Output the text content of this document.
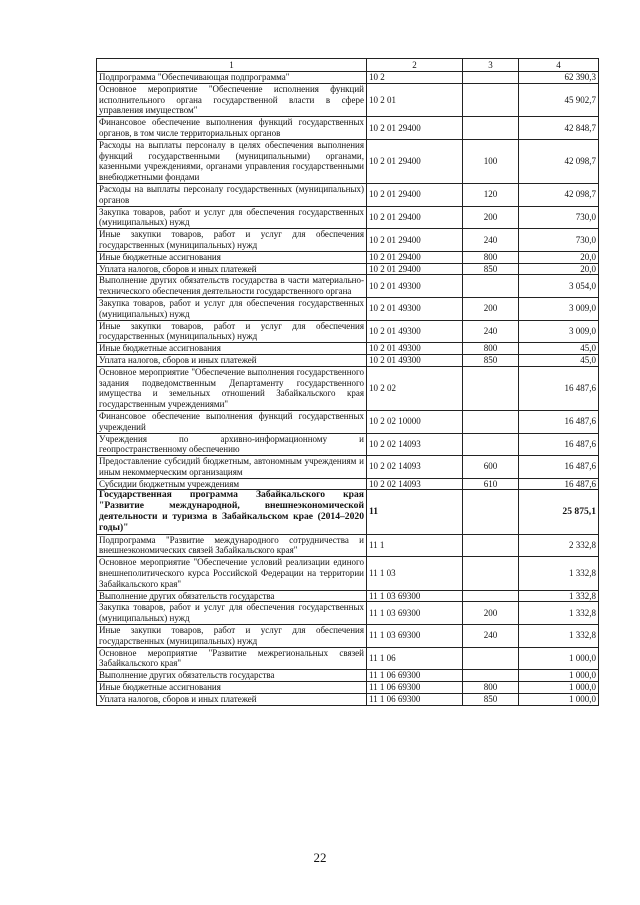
1	2	3	4
Подпрограмма "Обеспечивающая подпрограмма"	10 2		62 390,3
Основное мероприятие "Обеспечение исполнения функций исполнительного органа государственной власти в сфере управления имуществом"	10 2 01		45 902,7
Финансовое обеспечение выполнения функций государственных органов, в том числе территориальных органов	10 2 01 29400		42 848,7
Расходы на выплаты персоналу в целях обеспечения выполнения функций государственными (муниципальными) органами, казенными учреждениями, органами управления государственными внебюджетными фондами	10 2 01 29400	100	42 098,7
Расходы на выплаты персоналу государственных (муниципальных) органов	10 2 01 29400	120	42 098,7
Закупка товаров, работ и услуг для обеспечения государственных (муниципальных) нужд	10 2 01 29400	200	730,0
Иные закупки товаров, работ и услуг для обеспечения государственных (муниципальных) нужд	10 2 01 29400	240	730,0
Иные бюджетные ассигнования	10 2 01 29400	800	20,0
Уплата налогов, сборов и иных платежей	10 2 01 29400	850	20,0
Выполнение других обязательств государства в части материально-технического обеспечения деятельности государственного органа	10 2 01 49300		3 054,0
Закупка товаров, работ и услуг для обеспечения государственных (муниципальных) нужд	10 2 01 49300	200	3 009,0
Иные закупки товаров, работ и услуг для обеспечения государственных (муниципальных) нужд	10 2 01 49300	240	3 009,0
Иные бюджетные ассигнования	10 2 01 49300	800	45,0
Уплата налогов, сборов и иных платежей	10 2 01 49300	850	45,0
Основное мероприятие "Обеспечение выполнения государственного задания подведомственным Департаменту государственного имущества и земельных отношений Забайкальского края государственным учреждениями"	10 2 02		16 487,6
Финансовое обеспечение выполнения функций государственных учреждений	10 2 02 10000		16 487,6
Учреждения по архивно-информационному и геопространственному обеспечению	10 2 02 14093		16 487,6
Предоставление субсидий бюджетным, автономным учреждениям и иным некоммерческим организациям	10 2 02 14093	600	16 487,6
Субсидии бюджетным учреждениям	10 2 02 14093	610	16 487,6
Государственная программа Забайкальского края "Развитие международной, внешнеэкономической деятельности и туризма в Забайкальском крае (2014–2020 годы)"	11		25 875,1
Подпрограмма "Развитие международного сотрудничества и внешнеэкономических связей Забайкальского края"	11 1		2 332,8
Основное мероприятие "Обеспечение условий реализации единого внешнеполитического курса Российской Федерации на территории Забайкальского края"	11 1 03		1 332,8
Выполнение других обязательств государства	11 1 03 69300		1 332,8
Закупка товаров, работ и услуг для обеспечения государственных (муниципальных) нужд	11 1 03 69300	200	1 332,8
Иные закупки товаров, работ и услуг для обеспечения государственных (муниципальных) нужд	11 1 03 69300	240	1 332,8
Основное мероприятие "Развитие межрегиональных связей Забайкальского края"	11 1 06		1 000,0
Выполнение других обязательств государства	11 1 06 69300		1 000,0
Иные бюджетные ассигнования	11 1 06 69300	800	1 000,0
Уплата налогов, сборов и иных платежей	11 1 06 69300	850	1 000,0
22
